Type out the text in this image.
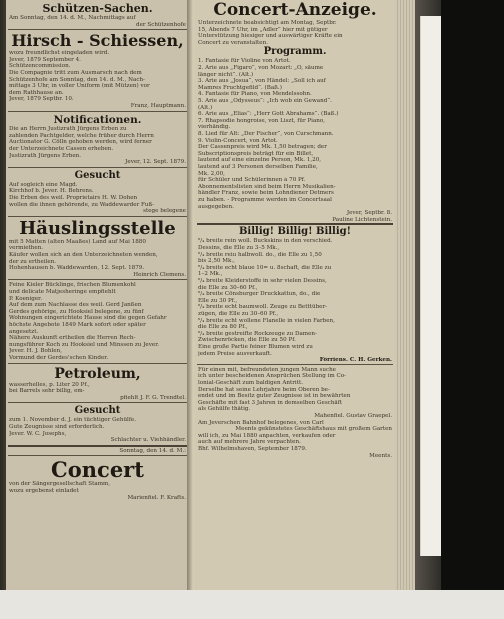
Schützen-Sachen.
Am Sonntag, den 14. d. M., Nachmittags auf
der Schützenhofe
Hirsch - Schiessen,
wozu freundlichst eingeladen wird.
Jever, 1879 September 4.
Schützencommission.
Die Compagnie tritt zum Ausmarsch nach dem
Schützenhofe am Sonntag, den 14. d. M., Nach-
mittags 3 Uhr, in voller Uniform (mit Mützen) vor
dem Rathhause an.
Jever, 1879 Septbr. 10.
Franz, Hauptmann.
Notificationen.
Die an Herrn Justizrath Jürgens Erben zu
zahlenden Pachtgelder, welche früher durch Herrn
Auctionator G. Cölln gehoben werden, wird ferner
der Unterzeichnete Cassen erheben.
Justizrath Jürgens Erben.
Jever, 12. Sept. 1879.
Gesucht
Auf sogleich eine Magd.
Kirchhof b. Jever. H. Behrens.
Die Erben des weil. Proprietairs H. W. Dohen
wollen die ihnen gehörende, zu Waddewarder Fuß-
stege belegene
Häuslingsstelle
mit 5 Matten (alten Maaßes) Land auf Mai 1880
vermiethen.
Käufer wollen sich an den Unterzeichneten wenden,
der zu ertheilen.
Hohenhausen b. Waddewarden, 12. Sept. 1879.
Heinrich Clemens.
Feine Kieler Bücklinge, frischen Blumenkohl
und delicate Matjesheringe empfiehlt
P. Koeniger.
Auf dem zum Nachlasse des weil. Gerd Janßen
Gerdes gehörige, zu Hooksiel belegene, zu fünf
Wohnungen eingerichtete Hause sind die gegen Gefahr
höchste Angebote 1849 Mark sofort oder später
angesetzt.
Nähere Auskunft ertheilen die Herren Rech-
nungsführer Koch zu Hooksiel und Minssen zu Jever.
Jever. H. J. Bohlen,
Vormund der Gerdes'schen Kinder.
Petroleum,
wasserhelles, p. Liter 20 Pf.,
bei Barrels sehr billig, em-
pfiehlt J. F. G. Trendtel.
Gesucht
zum 1. November d. J. ein tüchtiger Gehülfe.
Gute Zeugnisse sind erforderlich.
Jever. W. C. Josephs,
Schlachter u. Viehhändler.
Sonntag, den 14. d. M.:
Concert
von der Sängergesellschaft Stamm,
wozu ergebenst einladet
Marienfiel. F. Krafts.
Concert-Anzeige.
Unterzeichnete beabsichtigt am Montag, Septbr.
15, Abends 7 Uhr, im „Adler“ hier mit gütiger
Unterstützung hiesiger und auswärtiger Kräfte ein
Concert zu veranstalten.
Programm.
1. Fantasie für Violine von Artot.
2. Arie aus „Figaro“, von Mozart: „O, säume
länger nicht“. (Alt.)
3. Arie aus „Josua“, von Händel: „Soll ich auf
Mamres Fruchtgefild“. (Baß.)
4. Fantasie für Piano, von Mendelssohn.
5. Arie aus „Odysseus“: „Ich wob ein Gewand“.
(Alt.)
6. Arie aus „Elias“: „Herr Gott Abrahams“. (Baß.)
7. Rhapsodie hongroise, von Liszt, für Piano,
vierhändig.
8. Lied für Alt: „Der Fischer“, von Curschmann.
9. Violin-Concert, von Artot.
Der Cassenpreis wird Mk. 1,50 betragen; der
Subscriptionspreis beträgt für ein Billet,
lautend auf eine einzelne Person, Mk. 1,20,
lautend auf 3 Personen derselben Familie,
Mk. 2,00,
für Schüler und Schülerinnen à 70 Pf.
Abonnementslisten sind beim Herrn Musikalien-
händler Franz, sowie beim Lohndiener Detmers
zu haben. - Programme werden im Concertsaal
ausgegeben.
Jever, Septbr. 8.
Pauline Lichtenstein.
Billig! Billig! Billig!
⁶/₄ breite rein woll. Buckskins in den verschied.
Dessins, die Elle zu 3–5 Mk.,
⁶/₄ breite reiu halbwoll. do., die Elle zu 1,50
bis 2,50 Mk.,
⁶/₄ breite echt blaue 10= u. 8schaft, die Elle zu
1–2 Mk.,
⁶/₄ breite Kleiderstoffe in sehr vielen Dessins,
die Elle zu 30–60 Pf.,
⁶/₄ breite Cönsburger Druckkattun, do., die
Elle zu 30 Pf.,
⁶/₄ breite echt baumwoll. Zeuge zu Betttüber-
zügen, die Elle zu 30–60 Pf.,
⁶/₄ breite echt wollene Flanelle in vielen Farben,
die Elle zu 80 Pf.,
⁶/₄ breite gestreifte Rockzeuge zu Damen-
Zwischenröcken, die Elle zu 50 Pf.
Eine große Partie feiner Blumen wird zu
jedem Preise ausverkauft.
Förriens. C. H. Gerken.
Für einen mit, befreundeten jungen Mann suche
ich unter bescheidenen Ansprüchen Stellung im Co-
lonial-Geschäft zum baldigen Antritt.
Derselbe hat seine Lehrjahre beim Oberen be-
endet und im Besitz guter Zeugnisse ist in bewährten
Geschäfte mit fast 3 Jahren in demselben Geschäft
als Gehülfe thätig.
Mahenfiel. Gustav Graepel.
Am Jeverschen Bahnhof belegenes, von Carl
Meents gekünstetes Geschäftshaus mit großem Garten
will ich, zu Mai 1880 anpachten, verkaufen oder
auch auf mehrere Jahre verpachten.
Bhf. Wilhelmshaven, September 1879.
Meents.
